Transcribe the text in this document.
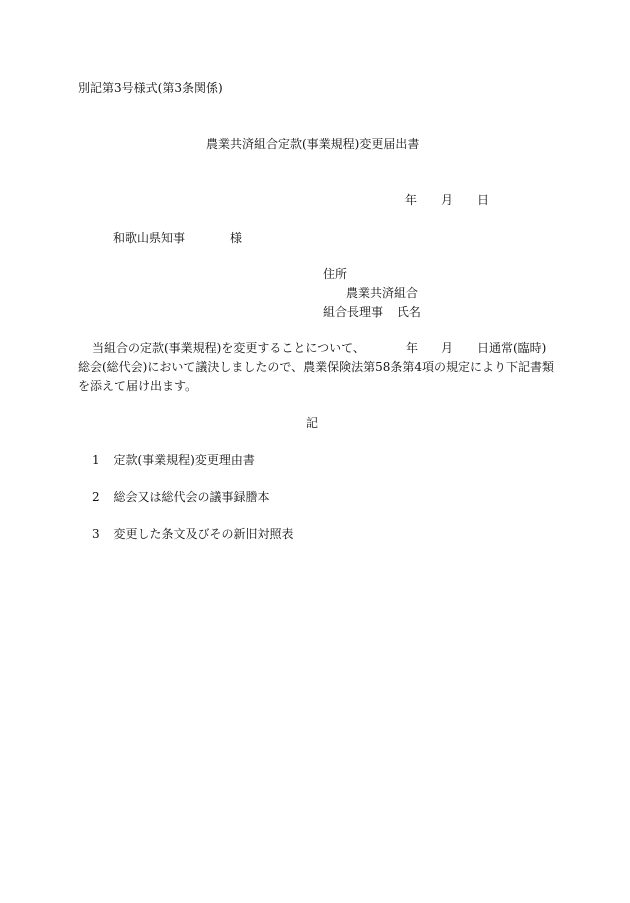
別記第3号様式(第3条関係)
農業共済組合定款(事業規程)変更届出書
年 月 日
和歌山県知事	様
住所
農業共済組合
組合長理事 氏名
当組合の定款(事業規程)を変更することについて、	年 月 日通常(臨時)
総会(総代会)において議決しましたので、農業保険法第58条第4項の規定により下記書類
を添えて届け出ます。
記
1 定款(事業規程)変更理由書
2 総会又は総代会の議事録謄本
3 変更した条文及びその新旧対照表
